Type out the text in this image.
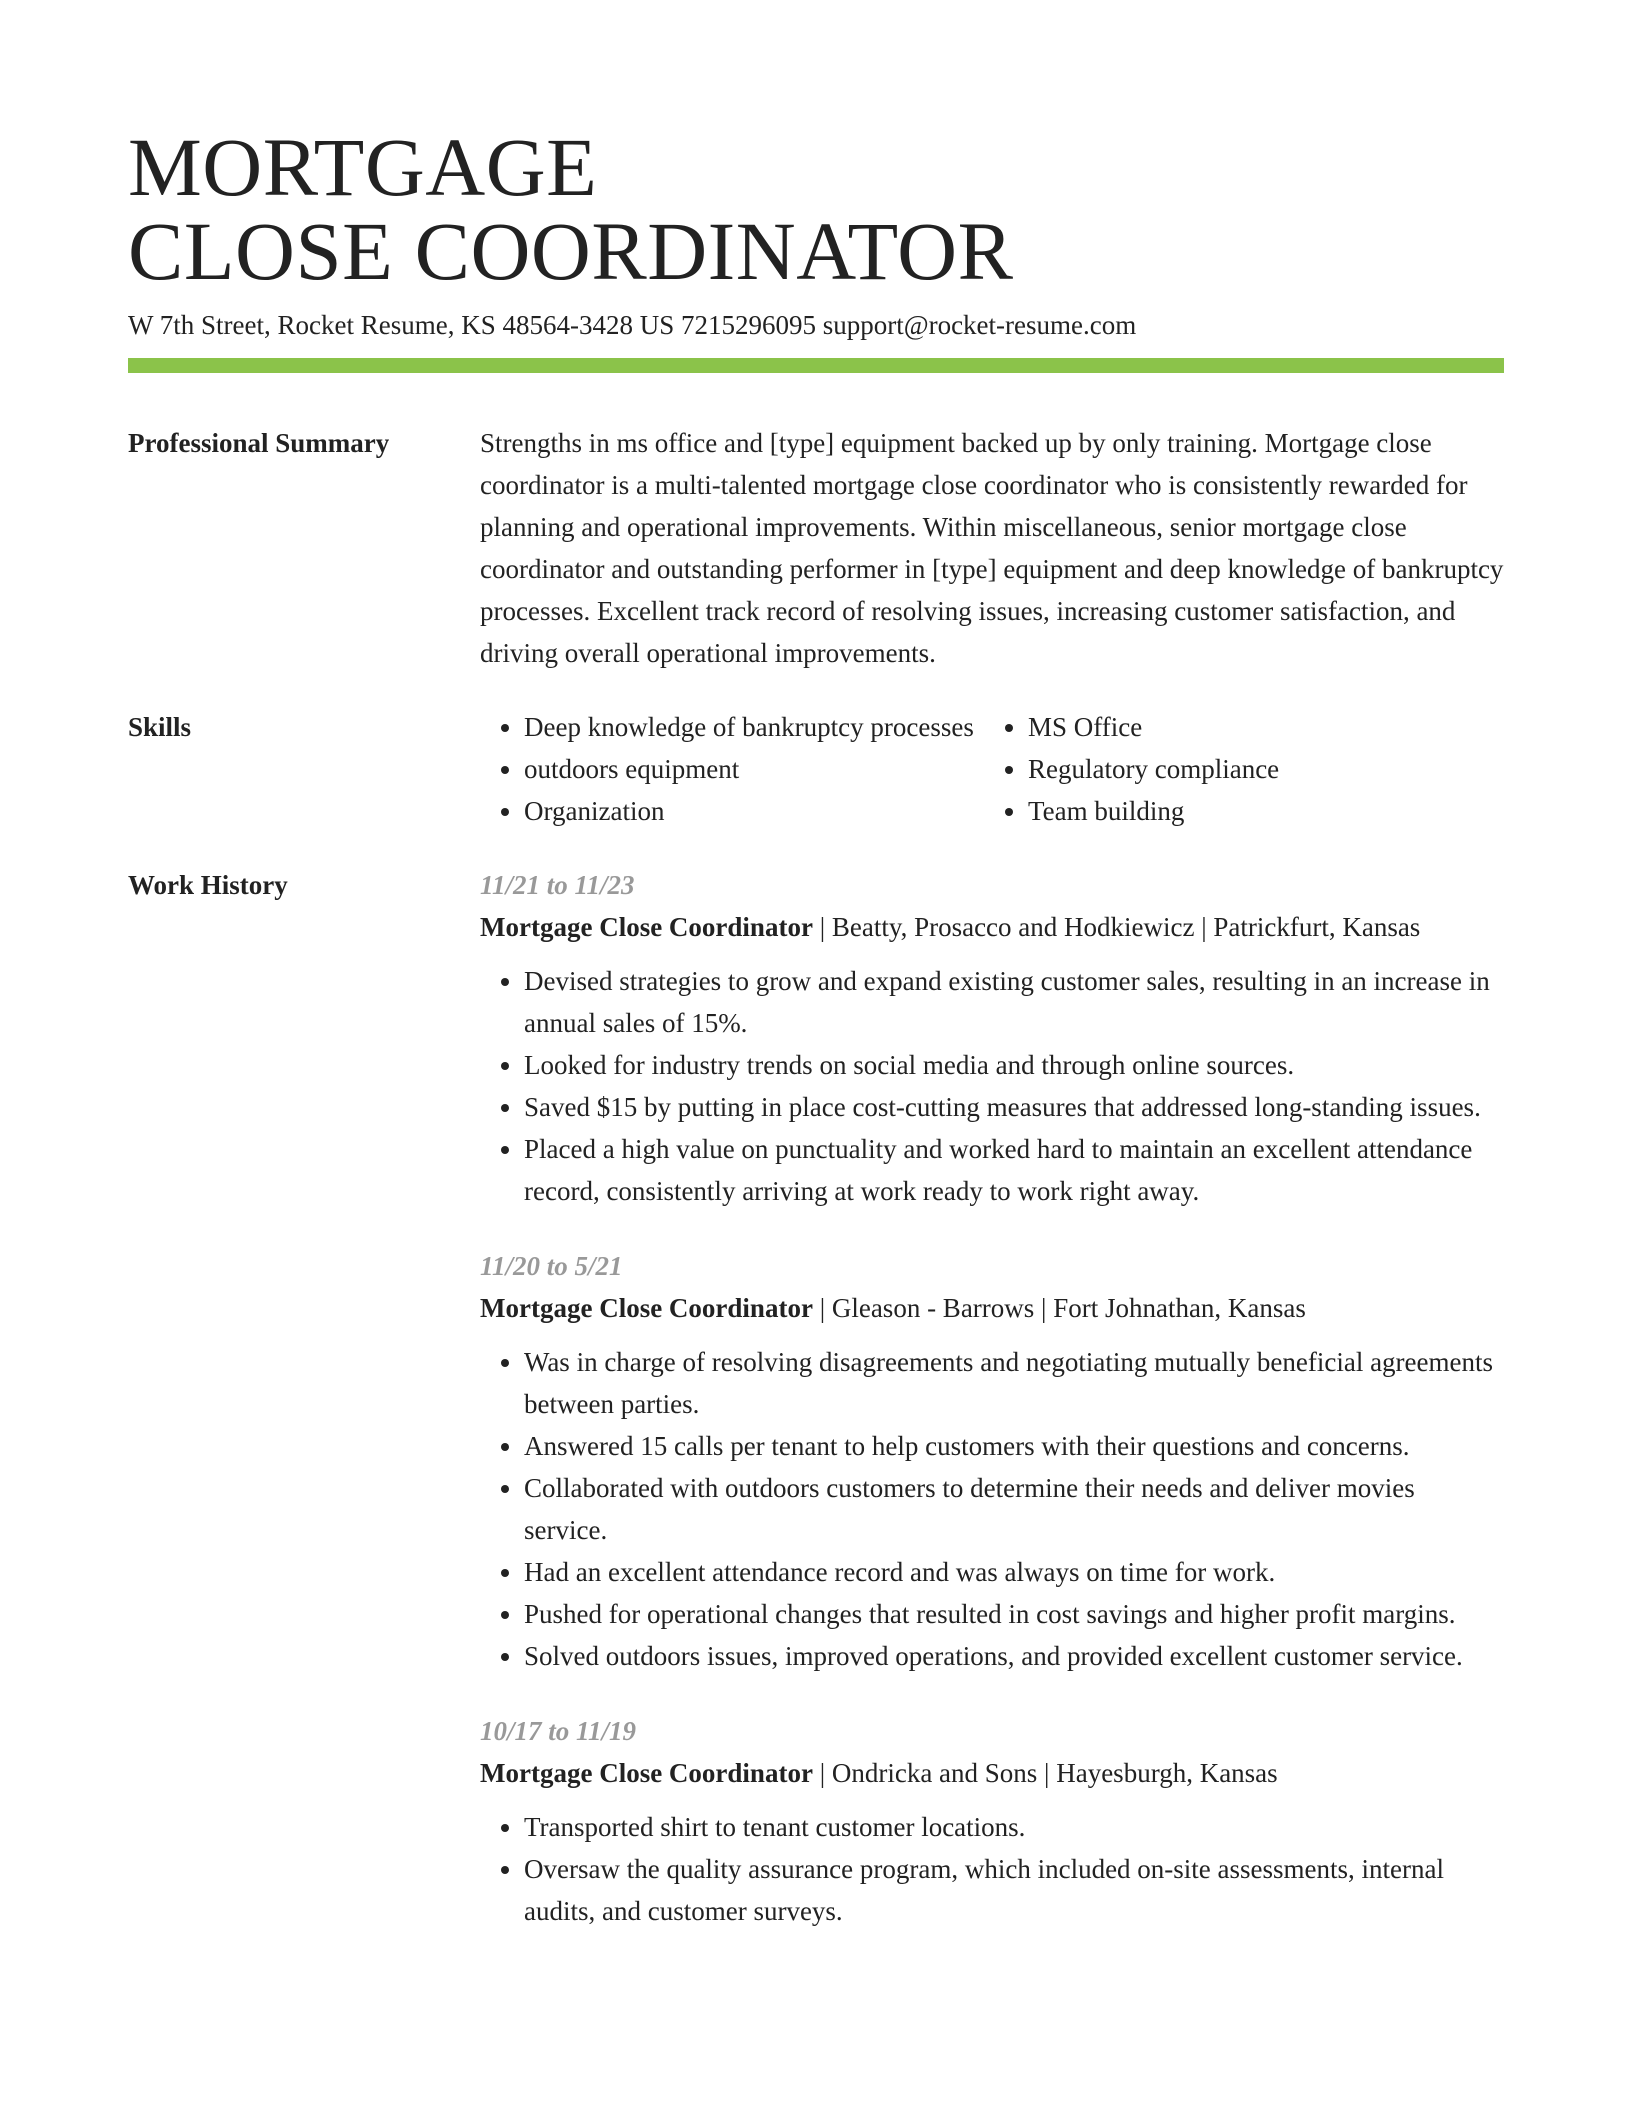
MORTGAGE
CLOSE COORDINATOR
W 7th Street, Rocket Resume, KS 48564-3428 US 7215296095 support@rocket-resume.com
Professional Summary	Strengths in ms office and [type] equipment backed up by only training. Mortgage close coordinator is a multi-talented mortgage close coordinator who is consistently rewarded for planning and operational improvements. Within miscellaneous, senior mortgage close coordinator and outstanding performer in [type] equipment and deep knowledge of bankruptcy processes. Excellent track record of resolving issues, increasing customer satisfaction, and driving overall operational improvements.
Skills
•	Deep knowledge of bankruptcy processes
• outdoors equipment
• Organization
• MS Office
• Regulatory compliance
• Team building
Work History	11/21 to 11/23
Mortgage Close Coordinator | Beatty, Prosacco and Hodkiewicz | Patrickfurt, Kansas
• Devised strategies to grow and expand existing customer sales, resulting in an increase in annual sales of 15%.
• Looked for industry trends on social media and through online sources.
• Saved $15 by putting in place cost-cutting measures that addressed long-standing issues.
• Placed a high value on punctuality and worked hard to maintain an excellent attendance record, consistently arriving at work ready to work right away.
11/20 to 5/21
Mortgage Close Coordinator | Gleason - Barrows | Fort Johnathan, Kansas
• Was in charge of resolving disagreements and negotiating mutually beneficial agreements between parties.
• Answered 15 calls per tenant to help customers with their questions and concerns.
• Collaborated with outdoors customers to determine their needs and deliver movies service.
• Had an excellent attendance record and was always on time for work.
• Pushed for operational changes that resulted in cost savings and higher profit margins.
• Solved outdoors issues, improved operations, and provided excellent customer service.
10/17 to 11/19
Mortgage Close Coordinator | Ondricka and Sons | Hayesburgh, Kansas
• Transported shirt to tenant customer locations.
• Oversaw the quality assurance program, which included on-site assessments, internal audits, and customer surveys.
